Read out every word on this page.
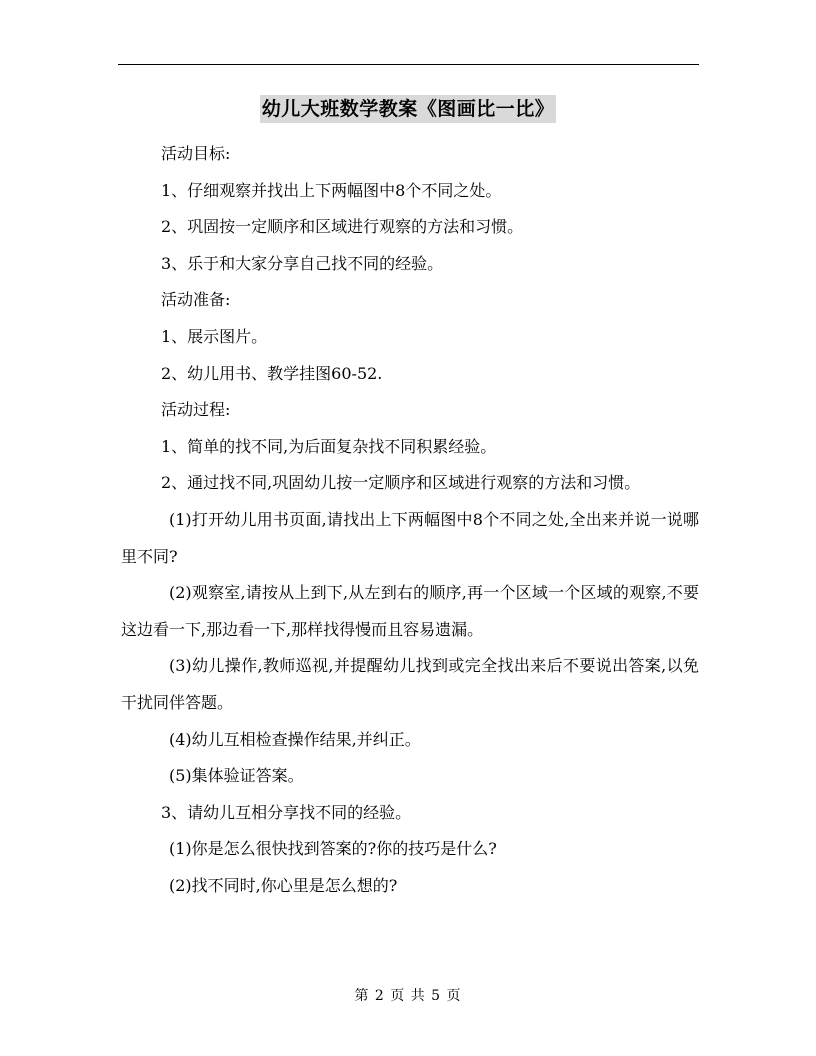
幼儿大班数学教案《图画比一比》

活动目标:

1、仔细观察并找出上下两幅图中8个不同之处。

2、巩固按一定顺序和区域进行观察的方法和习惯。

3、乐于和大家分享自己找不同的经验。

活动准备:

1、展示图片。

2、幼儿用书、教学挂图60-52.

活动过程:

1、简单的找不同,为后面复杂找不同积累经验。

2、通过找不同,巩固幼儿按一定顺序和区域进行观察的方法和习惯。

(1)打开幼儿用书页面,请找出上下两幅图中8个不同之处,全出来并说一说哪里不同?

(2)观察室,请按从上到下,从左到右的顺序,再一个区域一个区域的观察,不要这边看一下,那边看一下,那样找得慢而且容易遗漏。

(3)幼儿操作,教师巡视,并提醒幼儿找到或完全找出来后不要说出答案,以免干扰同伴答题。

(4)幼儿互相检查操作结果,并纠正。

(5)集体验证答案。

3、请幼儿互相分享找不同的经验。

(1)你是怎么很快找到答案的?你的技巧是什么?

(2)找不同时,你心里是怎么想的?

第 2 页 共 5 页
